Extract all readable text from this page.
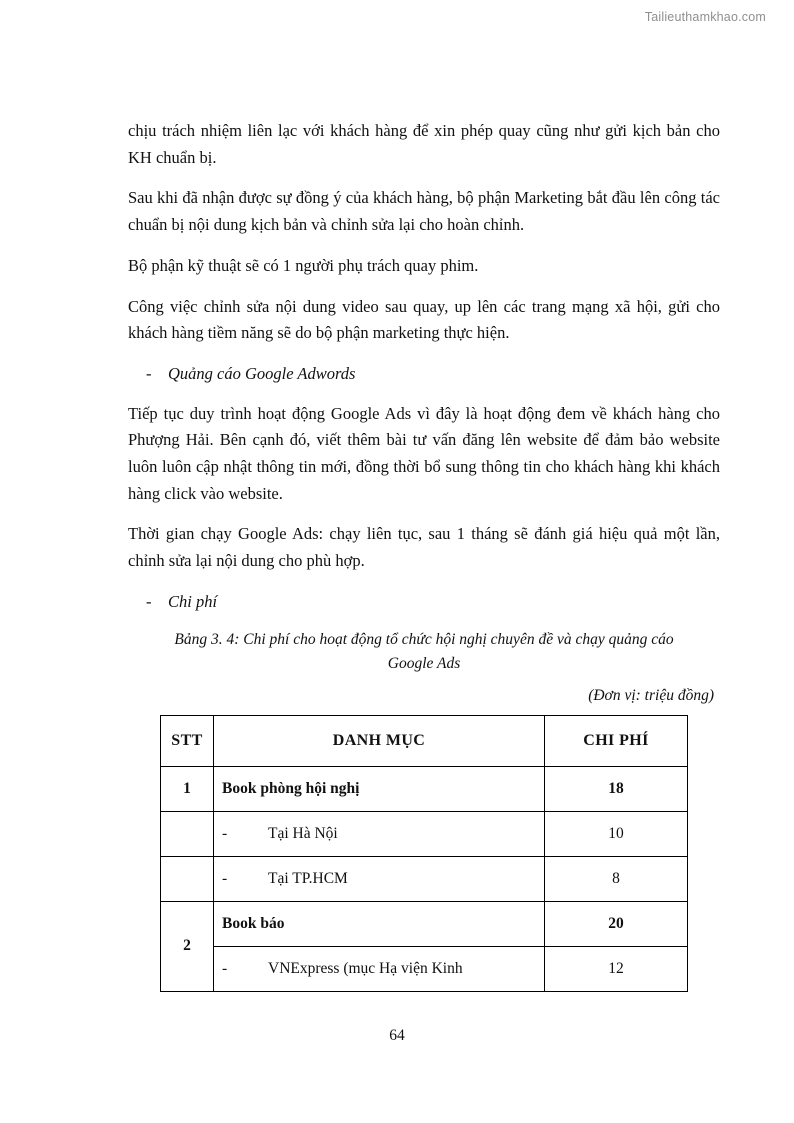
Tailieuthamkhao.com

chịu trách nhiệm liên lạc với khách hàng để xin phép quay cũng như gửi kịch bản cho KH chuẩn bị.

Sau khi đã nhận được sự đồng ý của khách hàng, bộ phận Marketing bắt đầu lên công tác chuẩn bị nội dung kịch bản và chỉnh sửa lại cho hoàn chỉnh.

Bộ phận kỹ thuật sẽ có 1 người phụ trách quay phim.

Công việc chỉnh sửa nội dung video sau quay, up lên các trang mạng xã hội, gửi cho khách hàng tiềm năng sẽ do bộ phận marketing thực hiện.

- Quảng cáo Google Adwords

Tiếp tục duy trình hoạt động Google Ads vì đây là hoạt động đem về khách hàng cho Phượng Hải. Bên cạnh đó, viết thêm bài tư vấn đăng lên website để đảm bảo website luôn luôn cập nhật thông tin mới, đồng thời bổ sung thông tin cho khách hàng khi khách hàng click vào website.

Thời gian chạy Google Ads: chạy liên tục, sau 1 tháng sẽ đánh giá hiệu quả một lần, chỉnh sửa lại nội dung cho phù hợp.

- Chi phí

Bảng 3. 4: Chi phí cho hoạt động tổ chức hội nghị chuyên đề và chạy quảng cáo
Google Ads

(Đơn vị: triệu đồng)

STT	DANH MỤC	CHI PHÍ

1	Book phòng hội nghị	18

	- Tại Hà Nội	10

	- Tại TP.HCM	8

2	Book báo	20

	- VNExpress (mục Hạ viện Kinh	12
64
